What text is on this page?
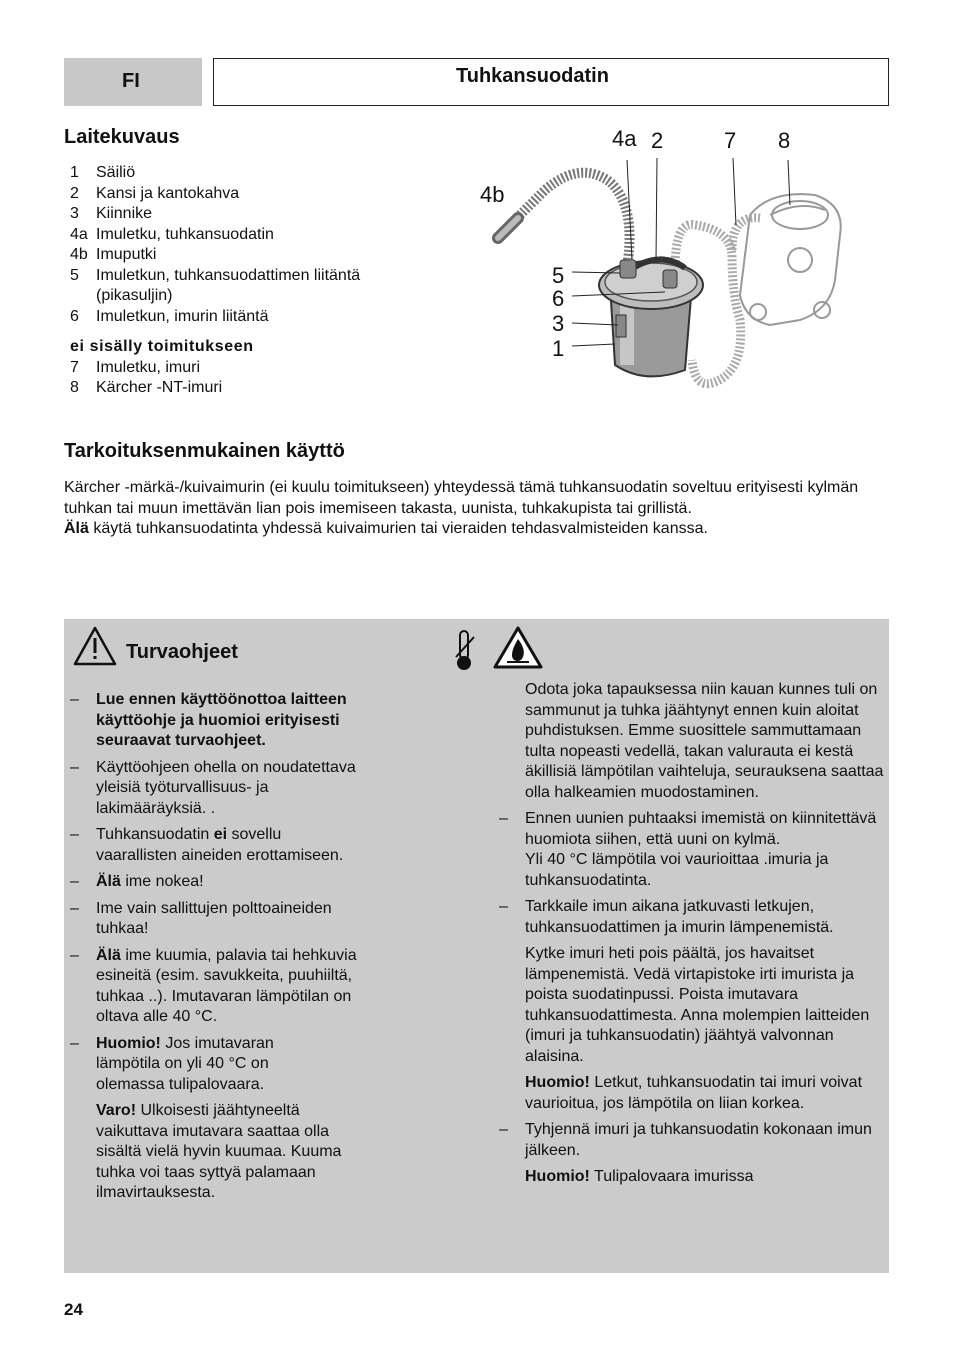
FI	Tuhkansuodatin
Laitekuvaus
1	Säiliö
2	Kansi ja kantokahva
3	Kiinnike
4a Imuletku, tuhkansuodatin
4b Imuputki
5	Imuletkun, tuhkansuodattimen liitäntä
(pikasuljin)
6	Imuletkun, imurin liitäntä
ei sisälly toimitukseen
7	Imuletku, imuri
8	Kärcher -NT-imuri
4a 2	7 8
4b
5
6
3
1
Tarkoituksenmukainen käyttö

Kärcher -märkä-/kuivaimurin (ei kuulu toimitukseen) yhteydessä tämä tuhkansuodatin soveltuu erityisesti kylmän tuhkan tai muun imettävän lian pois imemiseen takasta, uunista, tuhkakupista tai grillistä.

Älä käytä tuhkansuodatinta yhdessä kuivaimurien tai vieraiden tehdasvalmisteiden kanssa.

Turvaohjeet
–	Lue ennen käyttöönottoa laitteen käyttöohje ja huomioi erityisesti seuraavat turvaohjeet.
–	Käyttöohjeen ohella on noudatettava yleisiä työturvallisuus- ja lakimääräyksiä. .
–	Tuhkansuodatin ei sovellu vaarallisten aineiden erottamiseen.
–	Älä ime nokea!
–	Ime vain sallittujen polttoaineiden tuhkaa!
–	Älä ime kuumia, palavia tai hehkuvia esineitä (esim. savukkeita, puuhiiltä, tuhkaa ..). Imutavaran lämpötilan on oltava alle 40 °C.
–	Huomio! Jos imutavaran lämpötila on yli 40 °C on olemassa tulipalovaara.

Varo! Ulkoisesti jäähtyneeltä vaikuttava imutavara saattaa olla sisältä vielä hyvin kuumaa. Kuuma tuhka voi taas syttyä palamaan ilmavirtauksesta.

Odota joka tapauksessa niin kauan kunnes tuli on sammunut ja tuhka jäähtynyt ennen kuin aloitat puhdistuksen. Emme suosittele sammuttamaan tulta nopeasti vedellä, takan valurauta ei kestä äkillisiä lämpötilan vaihteluja, seurauksena saattaa olla halkeamien muodostaminen.

–	Ennen uunien puhtaaksi imemistä on kiinnitettävä huomiota siihen, että uuni on kylmä.

Yli 40 °C lämpötila voi vaurioittaa .imuria ja tuhkansuodatinta.

–	Tarkkaile imun aikana jatkuvasti letkujen, tuhkansuodattimen ja imurin lämpenemistä.

Kytke imuri heti pois päältä, jos havaitset lämpenemistä. Vedä virtapistoke irti imurista ja poista suodatinpussi. Poista imutavara tuhkansuodattimesta. Anna molempien laitteiden (imuri ja tuhkansuodatin) jäähtyä valvonnan alaisina.

Huomio! Letkut, tuhkansuodatin tai imuri voivat vaurioitua, jos lämpötila on liian korkea.

–	Tyhjennä imuri ja tuhkansuodatin kokonaan imun jälkeen.

Huomio! Tulipalovaara imurissa

24
